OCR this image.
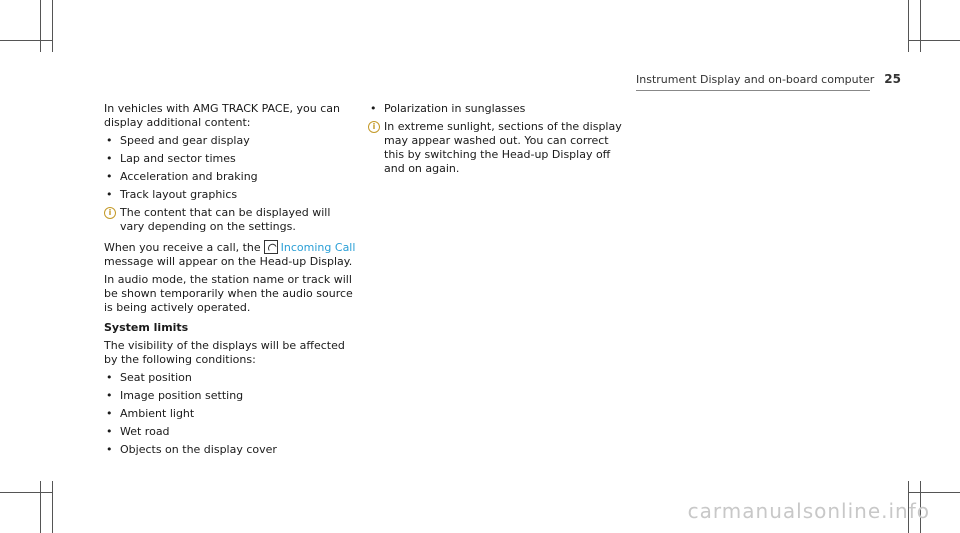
Instrument Display and on-board computer 25

In vehicles with AMG TRACK PACE, you can display additional content:

• Speed and gear display
• Lap and sector times
• Acceleration and braking
• Track layout graphics
i The content that can be displayed will vary depending on the settings.

When you receive a call, the Incoming Call message will appear on the Head-up Display.

In audio mode, the station name or track will be shown temporarily when the audio source is being actively operated.

System limits

The visibility of the displays will be affected by the following conditions:

• Seat position
• Image position setting
• Ambient light
• Wet road
• Objects on the display cover
• Polarization in sunglasses
i In extreme sunlight, sections of the display may appear washed out. You can correct this by switching the Head-up Display off and on again.
carmanualsonline.info
